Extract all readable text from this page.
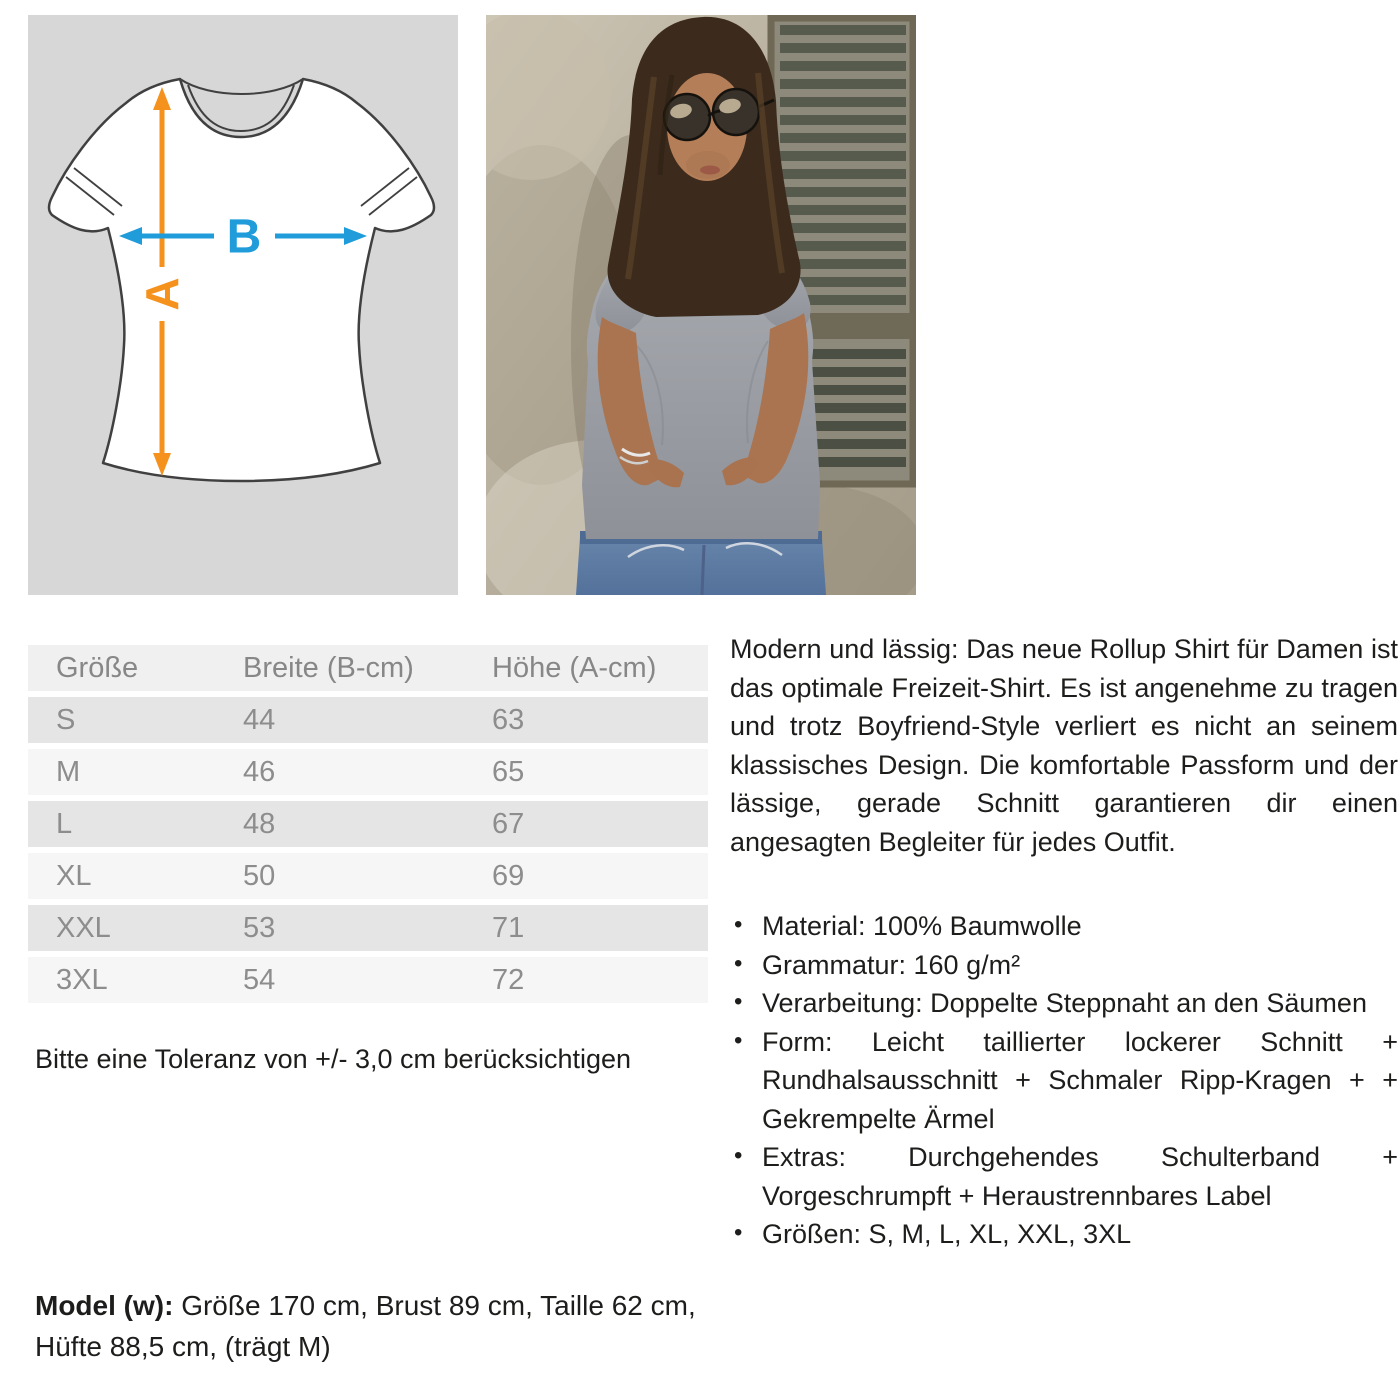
A
B
Größe	Breite (B-cm)	Höhe (A-cm)
S	44	63
M	46	65
L	48	67
XL	50	69
XXL	53	71
3XL	54	72
Bitte eine Toleranz von +/- 3,0 cm berücksichtigen

Modern und lässig: Das neue Rollup Shirt für Damen ist das optimale Freizeit-Shirt. Es ist angenehme zu tragen und trotz Boyfriend-Style verliert es nicht an seinem klassisches Design. Die komfortable Passform und der lässige, gerade Schnitt garantieren dir einen angesagten Begleiter für jedes Outfit.

• Material: 100% Baumwolle
• Grammatur: 160 g/m²
• Verarbeitung: Doppelte Steppnaht an den Säumen
• Form: Leicht taillierter lockerer Schnitt + Rundhalsausschnitt + Schmaler Ripp-Kragen + + Gekrempelte Ärmel
• Extras: Durchgehendes Schulterband + Vorgeschrumpft + Heraustrennbares Label
• Größen: S, M, L, XL, XXL, 3XL
Model (w): Größe 170 cm, Brust 89 cm, Taille 62 cm, Hüfte 88,5 cm, (trägt M)
